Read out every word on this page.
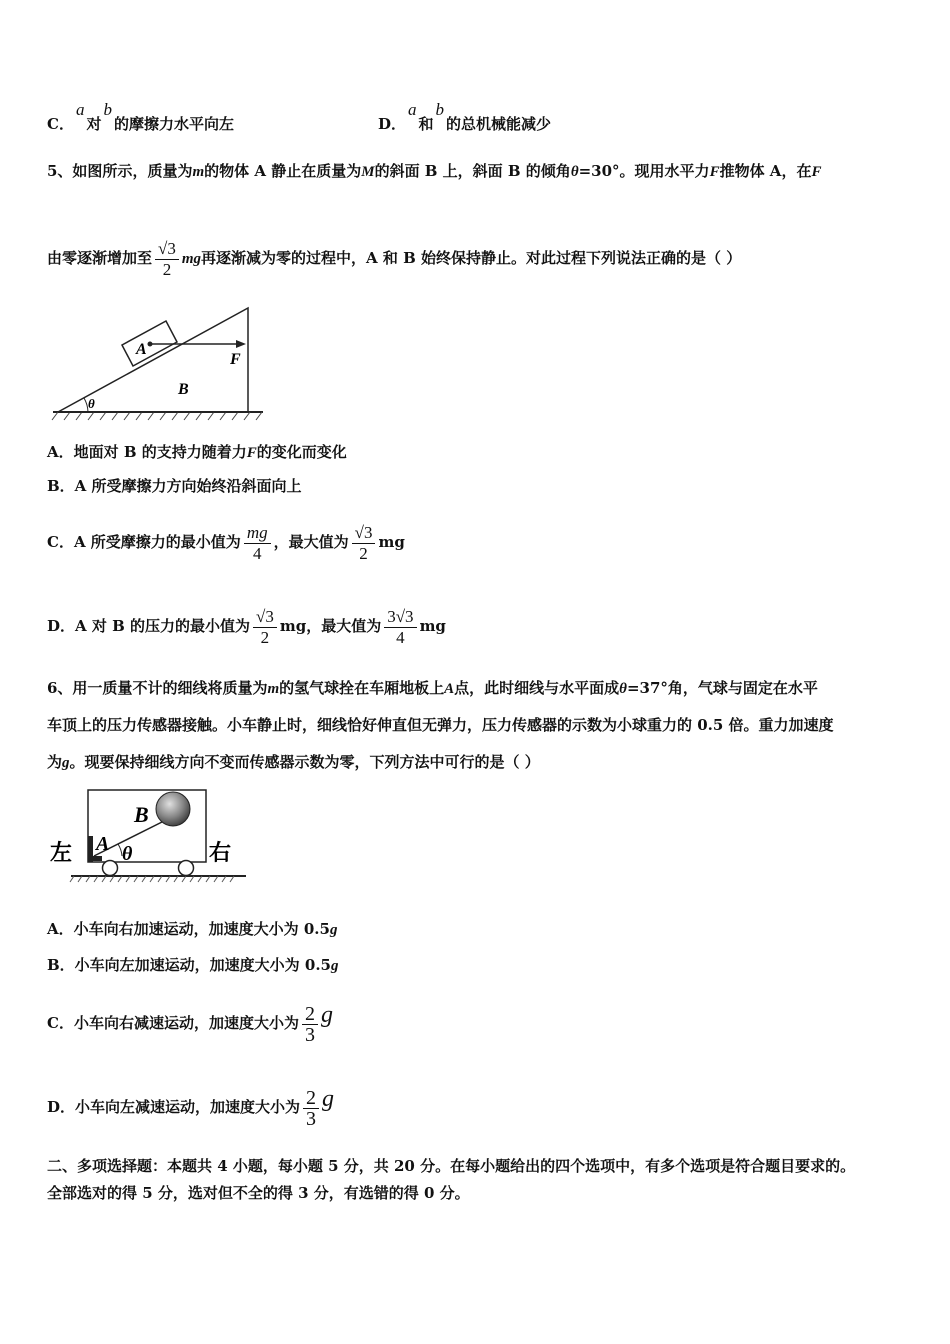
C．a对b的摩擦力水平向左	D．a和b的总机械能减少
5、如图所示，质量为m的物体 A 静止在质量为M的斜面 B 上，斜面 B 的倾角θ=30°。现用水平力F推物体 A，在F
由零逐渐增加至 $\frac{√3}{2}$ mg再逐渐减为零的过程中，A 和 B 始终保持静止。对此过程下列说法正确的是（ ）
A
F
B
θ
A．地面对 B 的支持力随着力F的变化而变化
B．A 所受摩擦力方向始终沿斜面向上
C．A 所受摩擦力的最小值为 $\frac{mg}{4}$ ，最大值为 $\frac{√3}{2}$ mg
D．A 对 B 的压力的最小值为 $\frac{√3}{2}$ mg，最大值为 $\frac{3√3}{4}$ mg
6、用一质量不计的细线将质量为m的氢气球拴在车厢地板上A点，此时细线与水平面成θ=37°角，气球与固定在水平
车顶上的压力传感器接触。小车静止时，细线恰好伸直但无弹力，压力传感器的示数为小球重力的 0.5 倍。重力加速度
为g。现要保持细线方向不变而传感器示数为零，下列方法中可行的是（ ）
左	右
A
B
θ
A．小车向右加速运动，加速度大小为 0.5g
B．小车向左加速运动，加速度大小为 0.5g
C．小车向右减速运动，加速度大小为 $\frac{2}{3}$ g
D．小车向左减速运动，加速度大小为 $\frac{2}{3}$ g
二、多项选择题：本题共 4 小题，每小题 5 分，共 20 分。在每小题给出的四个选项中，有多个选项是符合题目要求的。
全部选对的得 5 分，选对但不全的得 3 分，有选错的得 0 分。
